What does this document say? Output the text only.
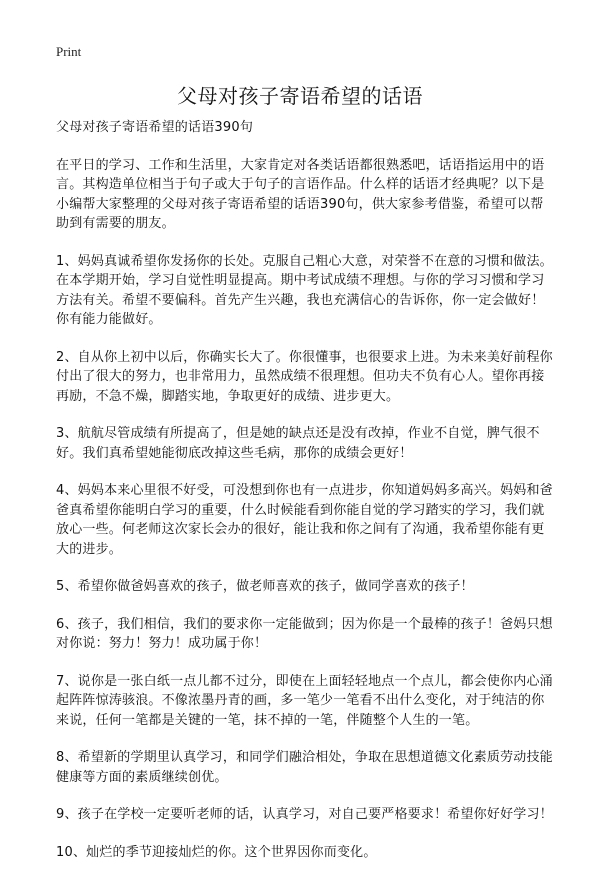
Print
父母对孩子寄语希望的话语

父母对孩子寄语希望的话语390句

在平日的学习、工作和生活里，大家肯定对各类话语都很熟悉吧，话语指运用中的语言。其构造单位相当于句子或大于句子的言语作品。什么样的话语才经典呢？以下是小编帮大家整理的父母对孩子寄语希望的话语390句，供大家参考借鉴，希望可以帮助到有需要的朋友。

1、妈妈真诚希望你发扬你的长处。克服自己粗心大意，对荣誉不在意的习惯和做法。在本学期开始，学习自觉性明显提高。期中考试成绩不理想。与你的学习习惯和学习方法有关。希望不要偏科。首先产生兴趣，我也充满信心的告诉你，你一定会做好！你有能力能做好。

2、自从你上初中以后，你确实长大了。你很懂事，也很要求上进。为未来美好前程你付出了很大的努力，也非常用力，虽然成绩不很理想。但功夫不负有心人。望你再接再励，不急不燥，脚踏实地，争取更好的成绩、进步更大。

3、航航尽管成绩有所提高了，但是她的缺点还是没有改掉，作业不自觉，脾气很不好。我们真希望她能彻底改掉这些毛病，那你的成绩会更好！

4、妈妈本来心里很不好受，可没想到你也有一点进步，你知道妈妈多高兴。妈妈和爸爸真希望你能明白学习的重要，什么时候能看到你能自觉的学习踏实的学习，我们就放心一些。何老师这次家长会办的很好，能让我和你之间有了沟通，我希望你能有更大的进步。

5、希望你做爸妈喜欢的孩子，做老师喜欢的孩子，做同学喜欢的孩子！

6、孩子，我们相信，我们的要求你一定能做到；因为你是一个最棒的孩子！爸妈只想对你说：努力！努力！成功属于你！

7、说你是一张白纸一点儿都不过分，即使在上面轻轻地点一个点儿，都会使你内心涌起阵阵惊涛骇浪。不像浓墨丹青的画，多一笔少一笔看不出什么变化，对于纯洁的你来说，任何一笔都是关键的一笔，抹不掉的一笔，伴随整个人生的一笔。

8、希望新的学期里认真学习，和同学们融洽相处，争取在思想道德文化素质劳动技能健康等方面的素质继续创优。

9、孩子在学校一定要听老师的话，认真学习，对自己要严格要求！希望你好好学习！

10、灿烂的季节迎接灿烂的你。这个世界因你而变化。
